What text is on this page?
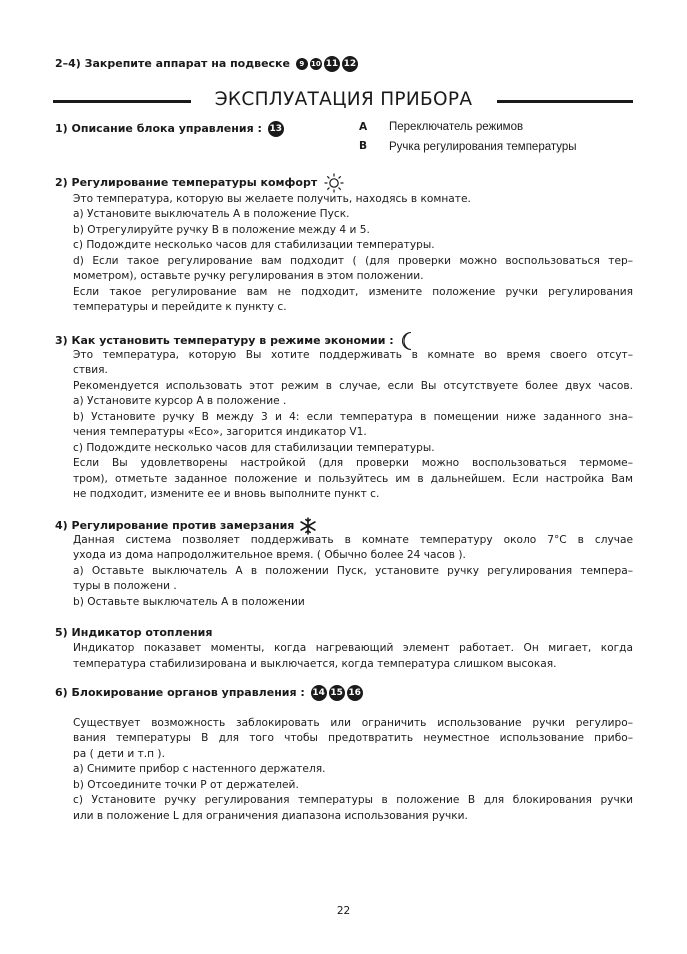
2–4) Закрепите аппарат на подвеске 9 10 11 12
ЭКСПЛУАТАЦИЯ ПРИБОРА
1) Описание блока управления : 13	A Переключатель режимов
B Ручка регулирования температуры
2) Регулирование температуры комфорт
Это температура, которую вы желаете получить, находясь в комнате.
a) Установите выключатель A в положение Пуск.
b) Отрегулируйте ручку B в положение между 4 и 5.
c) Подождите несколько часов для стабилизации температуры.
d) Если такое регулирование вам подходит ( (для проверки можно воспользоваться тер–
мометром), оставьте ручку регулирования в этом положении.
Если такое регулирование вам не подходит, измените положение ручки регулирования
температуры и перейдите к пункту c.
3) Как установить температуру в режиме экономии :
Это температура, которую Вы хотите поддерживать в комнате во время своего отсут–
ствия.
Рекомендуется использовать этот режим в случае, если Вы отсутствуете более двух часов.
a) Установите курсор A в положение .
b) Установите ручку B между 3 и 4: если температура в помещении ниже заданного зна–
чения температуры «Eco», загорится индикатор V1.
c) Подождите несколько часов для стабилизации температуры.
Если Вы удовлетворены настройкой (для проверки можно воспользоваться термоме–
тром), отметьте заданное положение и пользуйтесь им в дальнейшем. Если настройка Вам
не подходит, измените ее и вновь выполните пункт c.
4) Регулирование против замерзания
Данная система позволяет поддерживать в комнате температуру около 7°C в случае
ухода из дома напродолжительное время. ( Обычно более 24 часов ).
a) Оставьте выключатель A в положении Пуск, установите ручку регулирования темпера–
туры в положени .
b) Оставьте выключатель A в положении
5) Индикатор отопления
Индикатор показавет моменты, когда нагревающий элемент работает. Он мигает, когда
температура стабилизирована и выключается, когда температура слишком высокая.
6) Блокирование органов управления : 14 15 16
Существует возможность заблокировать или ограничить использование ручки регулиро–
вания температуры B для того чтобы предотвратить неуместное использование прибо–
ра ( дети и т.п ).
a) Снимите прибор с настенного держателя.
b) Отсоедините точки P от держателей.
c) Установите ручку регулирования температуры в положение B для блокирования ручки
или в положение L для ограничения диапазона использования ручки.
22
